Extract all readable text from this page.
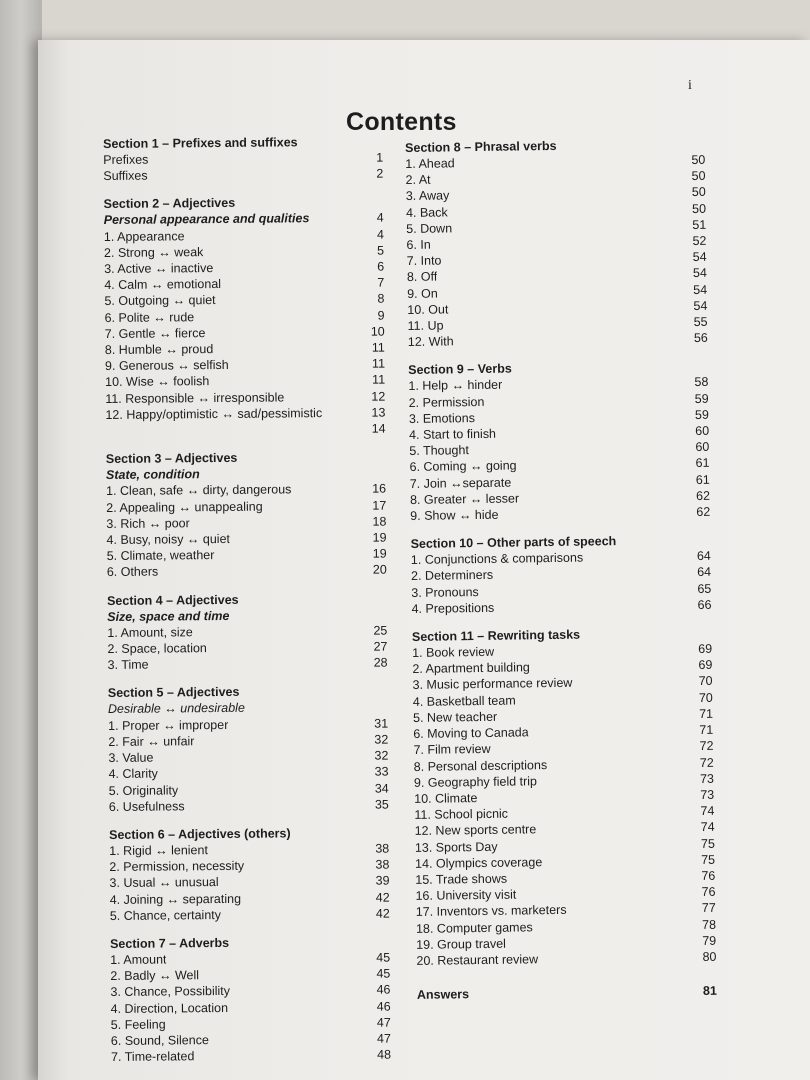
i
Contents
Section 1 – Prefixes and suffixes
Prefixes	1
Suffixes	2
Section 2 – Adjectives
Personal appearance and qualities	4
1. Appearance	4
2. Strong ↔ weak	5
3. Active ↔ inactive	6
4. Calm ↔ emotional	7
5. Outgoing ↔ quiet	8
6. Polite ↔ rude	9
7. Gentle ↔ fierce	10
8. Humble ↔ proud	11
9. Generous ↔ selfish	11
10. Wise ↔ foolish	11
11. Responsible ↔ irresponsible	12
12. Happy/optimistic ↔ sad/pessimistic	13
14
Section 3 – Adjectives
State, condition
1. Clean, safe ↔ dirty, dangerous	16
2. Appealing ↔ unappealing	17
3. Rich ↔ poor	18
4. Busy, noisy ↔ quiet	19
5. Climate, weather	19
6. Others	20
Section 4 – Adjectives
Size, space and time
1. Amount, size	25
2. Space, location	27
3. Time	28
Section 5 – Adjectives
Desirable ↔ undesirable
1. Proper ↔ improper	31
2. Fair ↔ unfair	32
3. Value	32
4. Clarity	33
5. Originality	34
6. Usefulness	35
Section 6 – Adjectives (others)
1. Rigid ↔ lenient	38
2. Permission, necessity	38
3. Usual ↔ unusual	39
4. Joining ↔ separating	42
5. Chance, certainty	42
Section 7 – Adverbs
1. Amount	45
2. Badly ↔ Well	45
3. Chance, Possibility	46
4. Direction, Location	46
5. Feeling	47
6. Sound, Silence	47
7. Time-related	48
Section 8 – Phrasal verbs
1. Ahead	50
2. At	50
3. Away	50
4. Back	50
5. Down	51
6. In	52
7. Into	54
8. Off	54
9. On	54
10. Out	54
11. Up	55
12. With	56
Section 9 – Verbs
1. Help ↔ hinder	58
2. Permission	59
3. Emotions	59
4. Start to finish	60
5. Thought	60
6. Coming ↔ going	61
7. Join ↔separate	61
8. Greater ↔ lesser	62
9. Show ↔ hide	62
Section 10 – Other parts of speech
1. Conjunctions & comparisons	64
2. Determiners	64
3. Pronouns	65
4. Prepositions	66
Section 11 – Rewriting tasks
1. Book review	69
2. Apartment building	69
3. Music performance review	70
4. Basketball team	70
5. New teacher	71
6. Moving to Canada	71
7. Film review	72
8. Personal descriptions	72
9. Geography field trip	73
10. Climate	73
11. School picnic	74
12. New sports centre	74
13. Sports Day	75
14. Olympics coverage	75
15. Trade shows	76
16. University visit	76
17. Inventors vs. marketers	77
18. Computer games	78
19. Group travel	79
20. Restaurant review	80
Answers	81
